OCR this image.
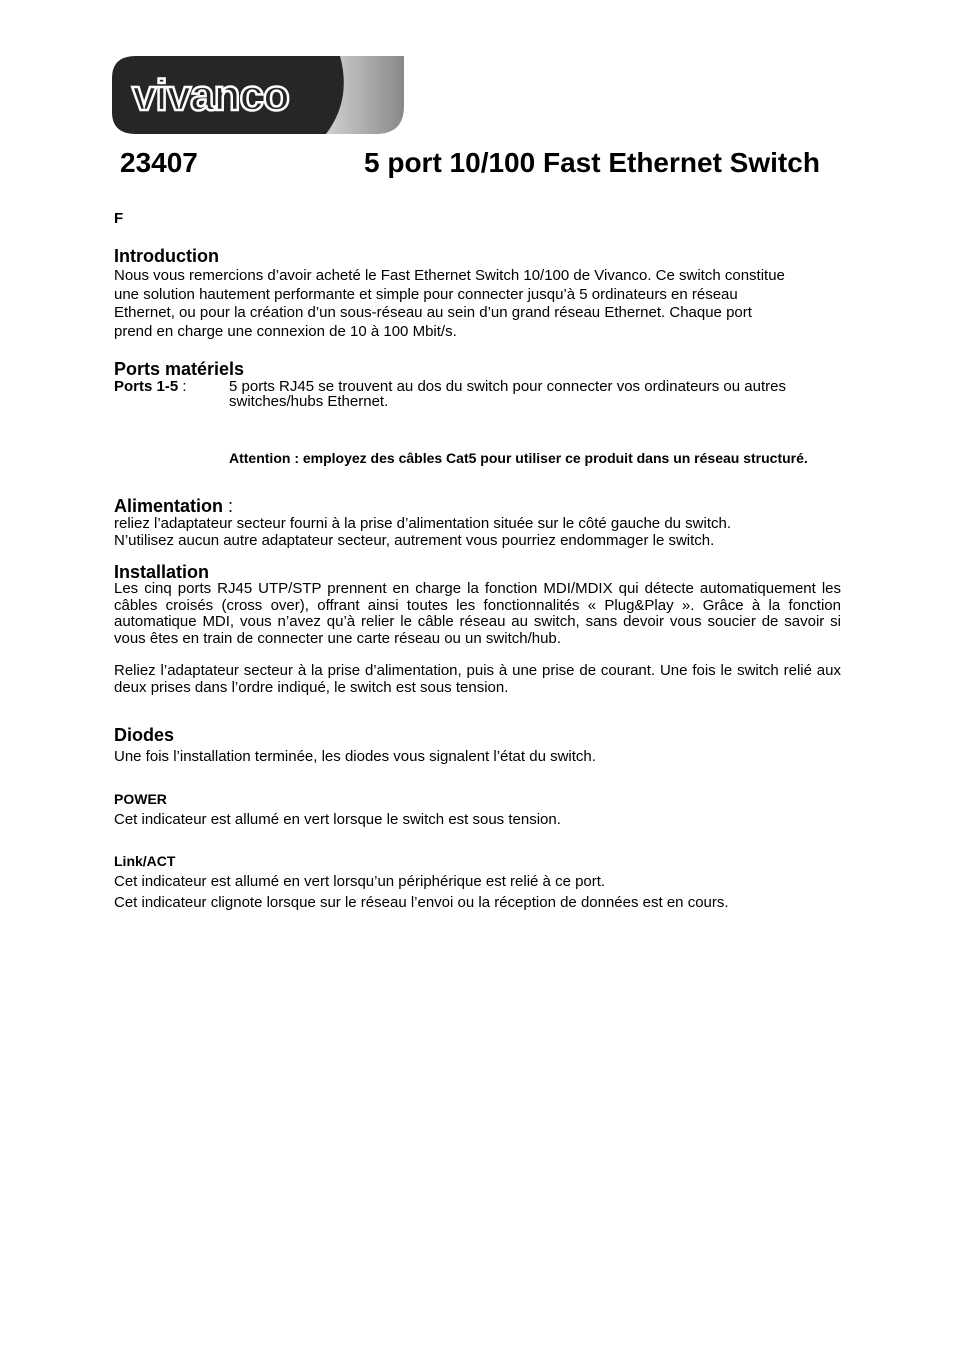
vivanco
23407	5 port 10/100 Fast Ethernet Switch
F
Introduction
Nous vous remercions d’avoir acheté le Fast Ethernet Switch 10/100 de Vivanco. Ce switch constitue
une solution hautement performante et simple pour connecter jusqu’à 5 ordinateurs en réseau
Ethernet, ou pour la création d’un sous-réseau au sein d’un grand réseau Ethernet. Chaque port
prend en charge une connexion de 10 à 100 Mbit/s.
Ports matériels
Ports 1-5 :	5 ports RJ45 se trouvent au dos du switch pour connecter vos ordinateurs ou autres switches/hubs Ethernet.
Attention : employez des câbles Cat5 pour utiliser ce produit dans un réseau structuré.
Alimentation :
reliez l’adaptateur secteur fourni à la prise d’alimentation située sur le côté gauche du switch.
N’utilisez aucun autre adaptateur secteur, autrement vous pourriez endommager le switch.
Installation
Les cinq ports RJ45 UTP/STP prennent en charge la fonction MDI/MDIX qui détecte automatiquement les câbles croisés (cross over), offrant ainsi toutes les fonctionnalités « Plug&Play ». Grâce à la fonction automatique MDI, vous n’avez qu’à relier le câble réseau au switch, sans devoir vous soucier de savoir si vous êtes en train de connecter une carte réseau ou un switch/hub.
Reliez l’adaptateur secteur à la prise d’alimentation, puis à une prise de courant. Une fois le switch relié aux deux prises dans l’ordre indiqué, le switch est sous tension.
Diodes
Une fois l’installation terminée, les diodes vous signalent l’état du switch.
POWER
Cet indicateur est allumé en vert lorsque le switch est sous tension.
Link/ACT
Cet indicateur est allumé en vert lorsqu’un périphérique est relié à ce port.
Cet indicateur clignote lorsque sur le réseau l’envoi ou la réception de données est en cours.
